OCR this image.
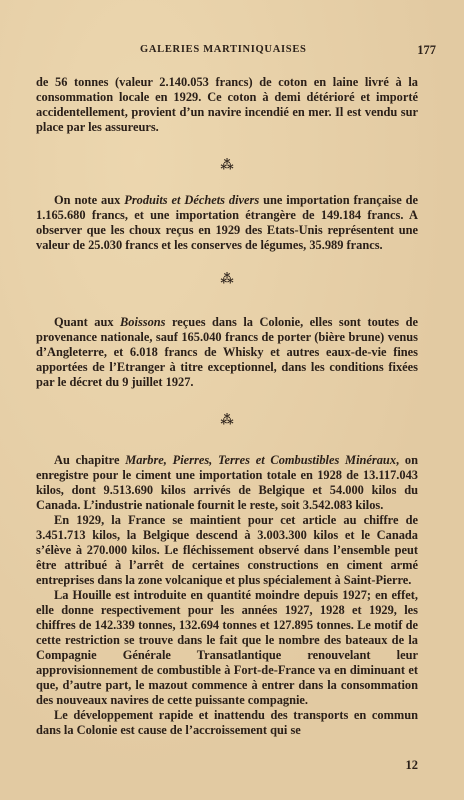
GALERIES MARTINIQUAISES	177

de 56 tonnes (valeur 2.140.053 francs) de coton en laine livré à la consommation locale en 1929. Ce coton à demi détérioré et importé accidentellement, provient d’un navire incendié en mer. Il est vendu sur place par les assureurs.

⁂

On note aux Produits et Déchets divers une importation française de 1.165.680 francs, et une importation étrangère de 149.184 francs. A observer que les choux reçus en 1929 des Etats-Unis représentent une valeur de 25.030 francs et les conserves de légumes, 35.989 francs.

⁂

Quant aux Boissons reçues dans la Colonie, elles sont toutes de provenance nationale, sauf 165.040 francs de porter (bière brune) venus d’Angleterre, et 6.018 francs de Whisky et autres eaux-de-vie fines apportées de l’Etranger à titre exceptionnel, dans les conditions fixées par le décret du 9 juillet 1927.

⁂

Au chapitre Marbre, Pierres, Terres et Combustibles Minéraux, on enregistre pour le ciment une importation totale en 1928 de 13.117.043 kilos, dont 9.513.690 kilos arrivés de Belgique et 54.000 kilos du Canada. L’industrie nationale fournit le reste, soit 3.542.083 kilos.

En 1929, la France se maintient pour cet article au chiffre de 3.451.713 kilos, la Belgique descend à 3.003.300 kilos et le Canada s’élève à 270.000 kilos. Le fléchissement observé dans l’ensemble peut être attribué à l’arrêt de certaines constructions en ciment armé entreprises dans la zone volcanique et plus spécialement à Saint-Pierre.

La Houille est introduite en quantité moindre depuis 1927; en effet, elle donne respectivement pour les années 1927, 1928 et 1929, les chiffres de 142.339 tonnes, 132.694 tonnes et 127.895 tonnes. Le motif de cette restriction se trouve dans le fait que le nombre des bateaux de la Compagnie Générale Transatlantique renouvelant leur approvisionnement de combustible à Fort-de-France va en diminuant et que, d’autre part, le mazout commence à entrer dans la consommation des nouveaux navires de cette puissante compagnie.

Le développement rapide et inattendu des transports en commun dans la Colonie est cause de l’accroissement qui se

12
